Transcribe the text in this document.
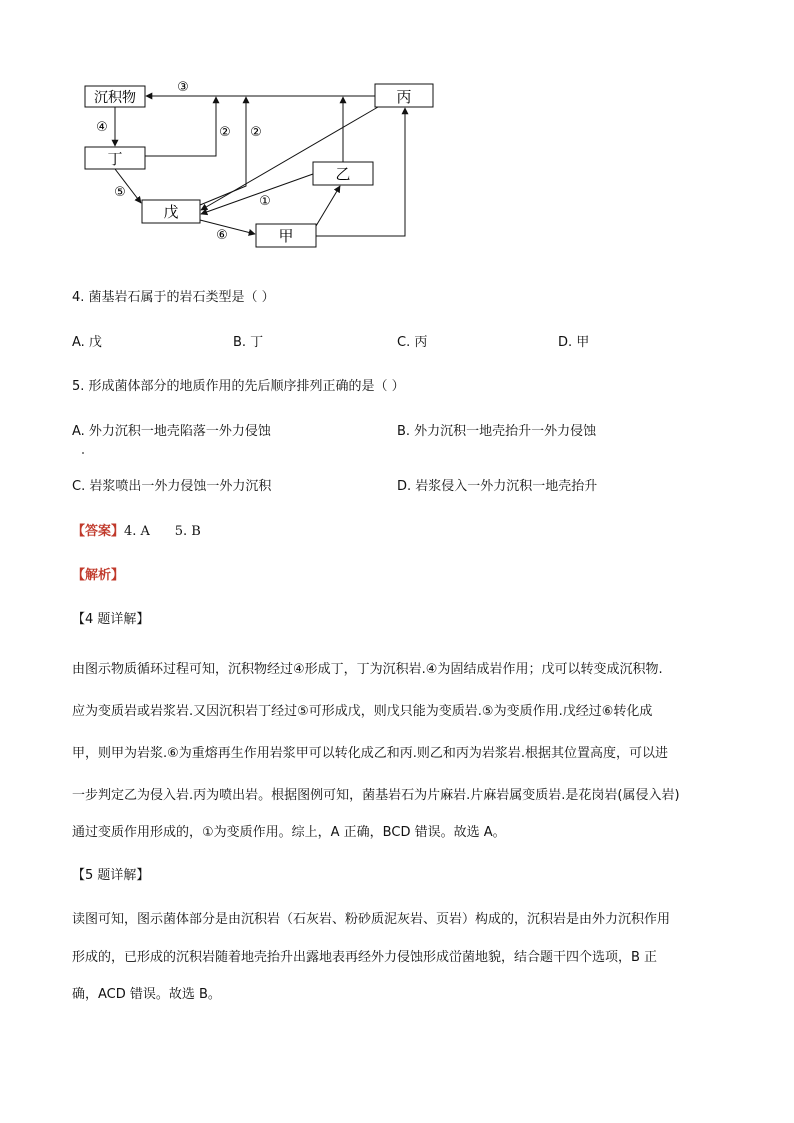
沉积物	丙
丁
乙
戊
甲
③
④	② ②
⑤
①
⑥
4. 菌基岩石属于的岩石类型是（ ）
A. 戊	B. 丁	C. 丙	D. 甲
5. 形成菌体部分的地质作用的先后顺序排列正确的是（ ）
A. 外力沉积一地壳陷落一外力侵蚀	B. 外力沉积一地壳抬升一外力侵蚀
C. 岩浆喷出一外力侵蚀一外力沉积	D. 岩浆侵入一外力沉积一地壳抬升
【答案】4. A      5. B
【解析】
【4 题详解】
由图示物质循环过程可知，沉积物经过④形成丁，丁为沉积岩.④为固结成岩作用；戊可以转变成沉积物.
应为变质岩或岩浆岩.又因沉积岩丁经过⑤可形成戊，则戊只能为变质岩.⑤为变质作用.戊经过⑥转化成
甲，则甲为岩浆.⑥为重熔再生作用岩浆甲可以转化成乙和丙.则乙和丙为岩浆岩.根据其位置高度，可以进
一步判定乙为侵入岩.丙为喷出岩。根据图例可知，菌基岩石为片麻岩.片麻岩属变质岩.是花岗岩(属侵入岩)
通过变质作用形成的，①为变质作用。综上，A 正确，BCD 错误。故选 A。
【5 题详解】
读图可知，图示菌体部分是由沉积岩（石灰岩、粉砂质泥灰岩、页岩）构成的，沉积岩是由外力沉积作用
形成的，已形成的沉积岩随着地壳抬升出露地表再经外力侵蚀形成峃菌地貌，结合题干四个选项，B 正
确，ACD 错误。故选 B。
